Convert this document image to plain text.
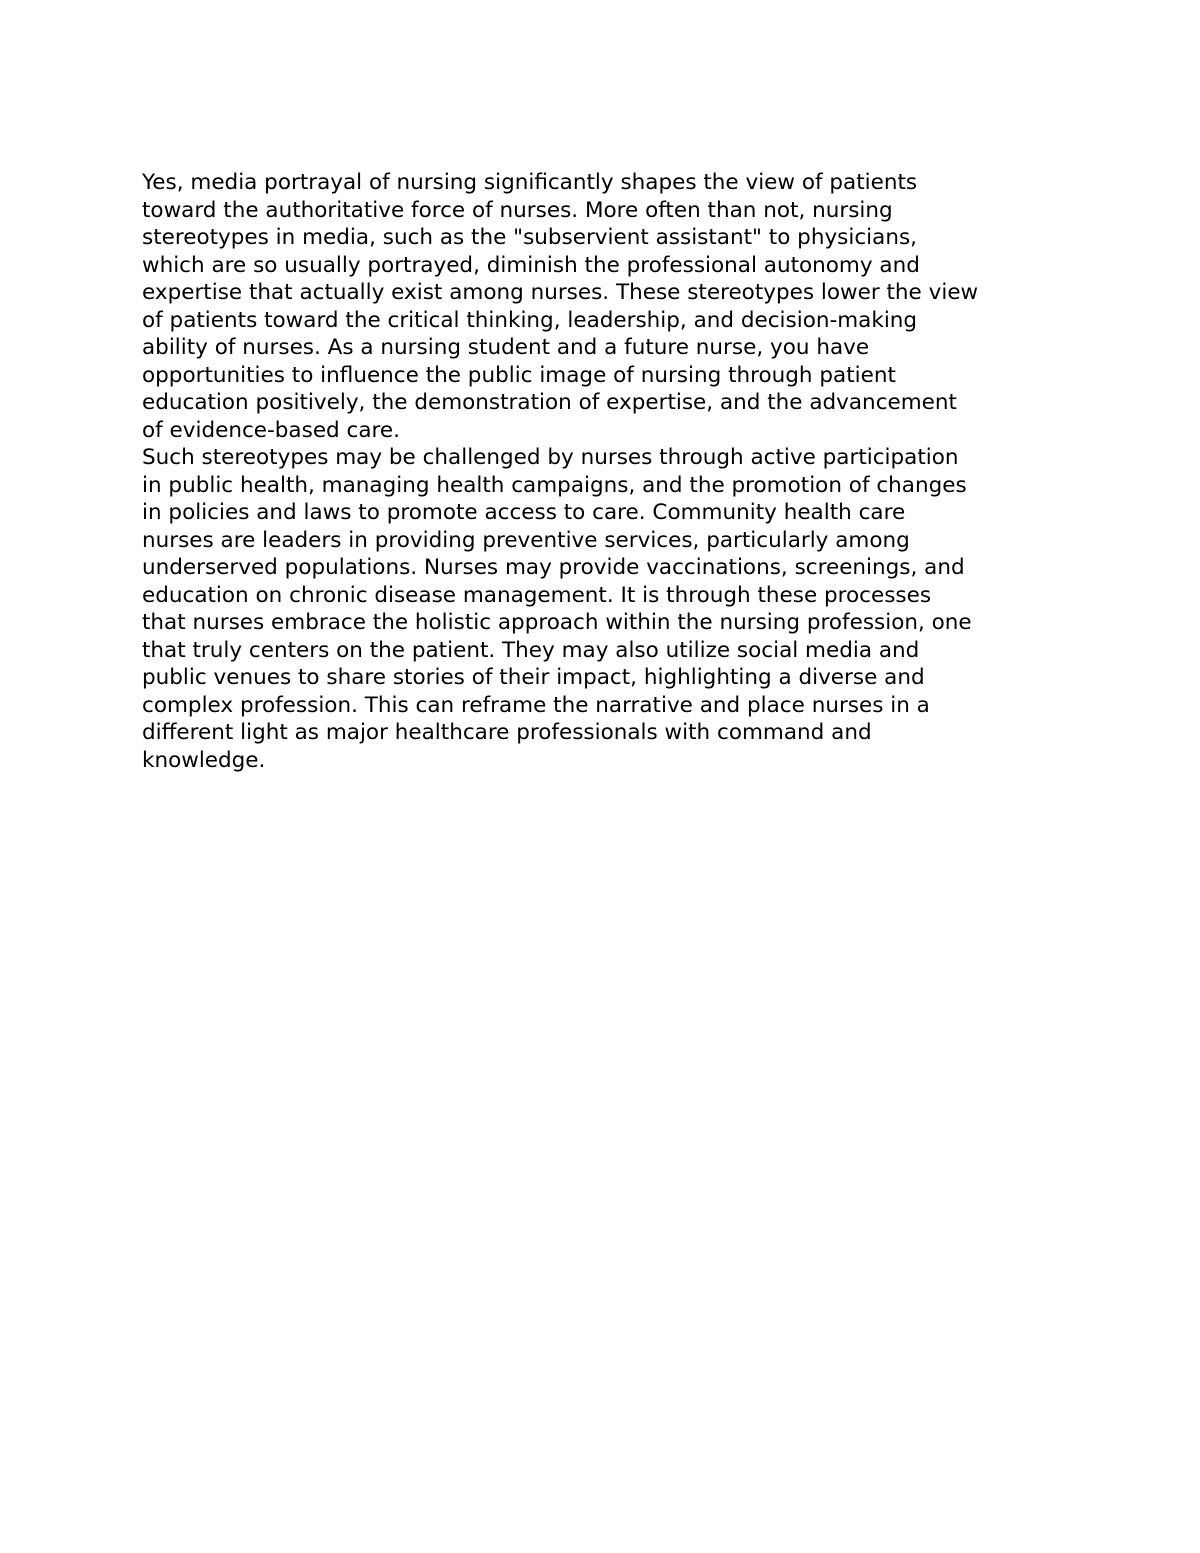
Yes, media portrayal of nursing significantly shapes the view of patients
toward the authoritative force of nurses. More often than not, nursing
stereotypes in media, such as the "subservient assistant" to physicians,
which are so usually portrayed, diminish the professional autonomy and
expertise that actually exist among nurses. These stereotypes lower the view
of patients toward the critical thinking, leadership, and decision-making
ability of nurses. As a nursing student and a future nurse, you have
opportunities to influence the public image of nursing through patient
education positively, the demonstration of expertise, and the advancement
of evidence-based care.
Such stereotypes may be challenged by nurses through active participation
in public health, managing health campaigns, and the promotion of changes
in policies and laws to promote access to care. Community health care
nurses are leaders in providing preventive services, particularly among
underserved populations. Nurses may provide vaccinations, screenings, and
education on chronic disease management. It is through these processes
that nurses embrace the holistic approach within the nursing profession, one
that truly centers on the patient. They may also utilize social media and
public venues to share stories of their impact, highlighting a diverse and
complex profession. This can reframe the narrative and place nurses in a
different light as major healthcare professionals with command and
knowledge.
